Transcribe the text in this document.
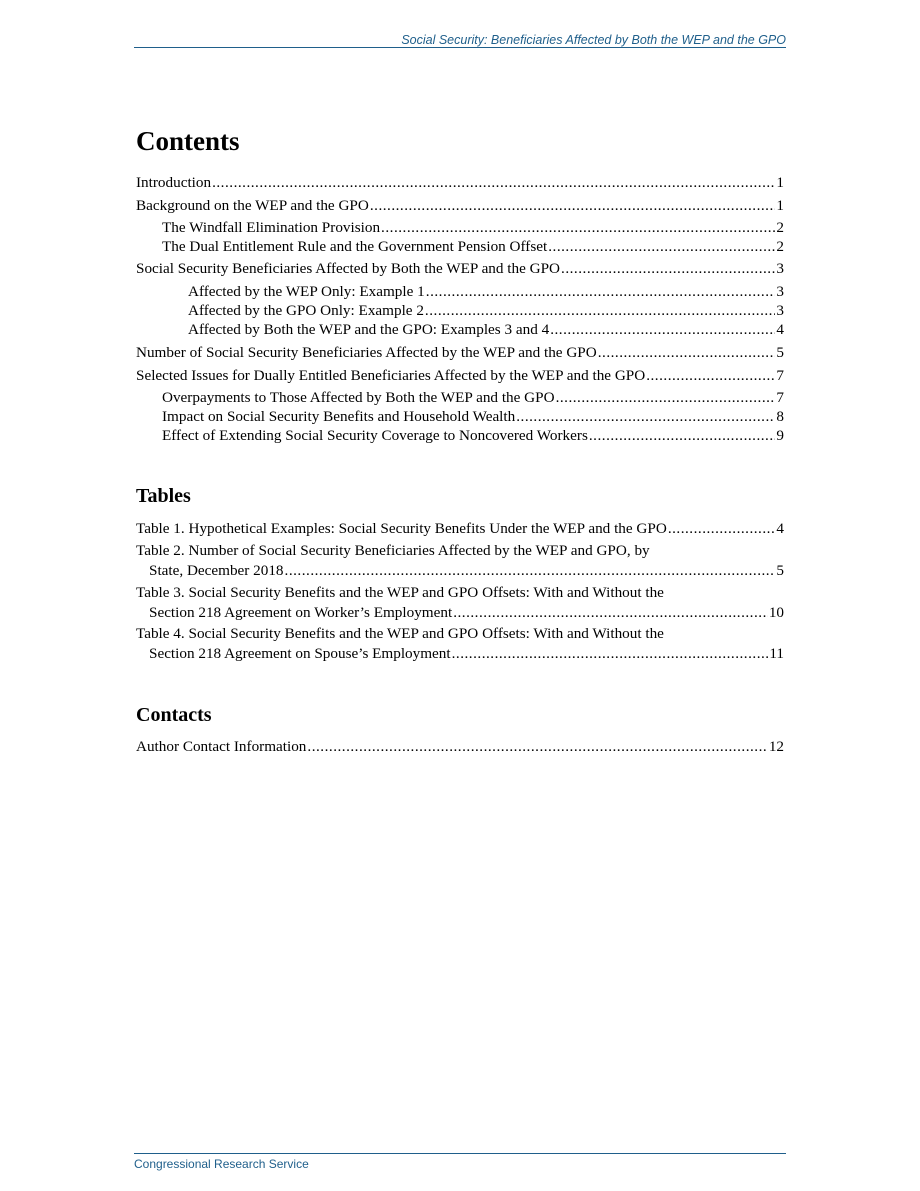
Social Security: Beneficiaries Affected by Both the WEP and the GPO
Contents
Introduction .....	1
Background on the WEP and the GPO .....	1
The Windfall Elimination Provision .....	2
The Dual Entitlement Rule and the Government Pension Offset .....	2
Social Security Beneficiaries Affected by Both the WEP and the GPO .....	3
Affected by the WEP Only: Example 1 .....	3
Affected by the GPO Only: Example 2 .....	3
Affected by Both the WEP and the GPO: Examples 3 and 4 .....	4
Number of Social Security Beneficiaries Affected by the WEP and the GPO .....	5
Selected Issues for Dually Entitled Beneficiaries Affected by the WEP and the GPO .....	7
Overpayments to Those Affected by Both the WEP and the GPO .....	7
Impact on Social Security Benefits and Household Wealth .....	8
Effect of Extending Social Security Coverage to Noncovered Workers .....	9
Tables
Table 1. Hypothetical Examples: Social Security Benefits Under the WEP and the GPO .....	4
Table 2. Number of Social Security Beneficiaries Affected by the WEP and GPO, by
State, December 2018 .....	5
Table 3. Social Security Benefits and the WEP and GPO Offsets: With and Without the
Section 218 Agreement on Worker’s Employment .....	10
Table 4. Social Security Benefits and the WEP and GPO Offsets: With and Without the
Section 218 Agreement on Spouse’s Employment .....	11
Contacts
Author Contact Information .....	12
Congressional Research Service
